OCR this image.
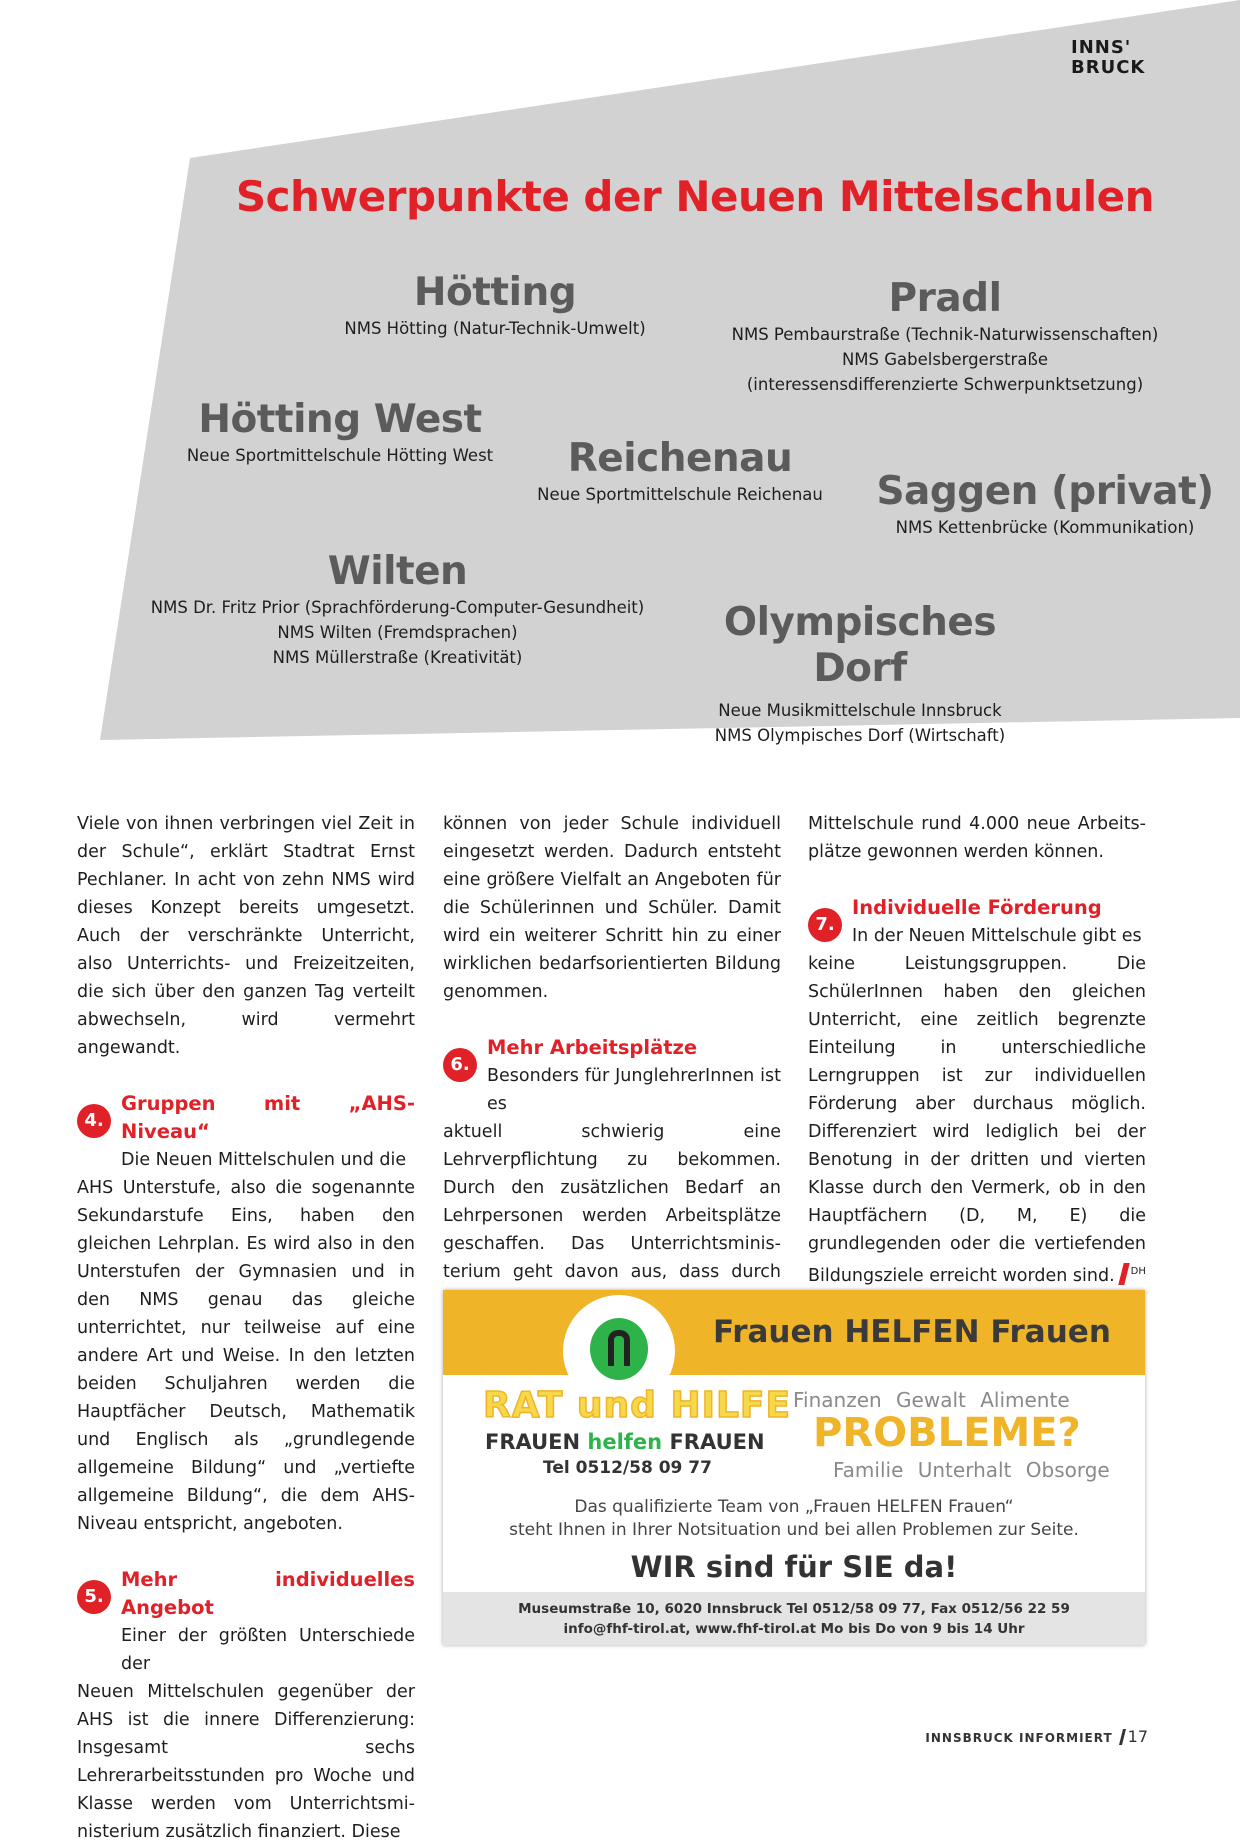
INNS'
BRUCK
Schwerpunkte der Neuen Mittelschulen
Hötting
NMS Hötting (Natur-Technik-Umwelt)
Pradl
NMS Pembaurstraße (Technik-Naturwissenschaften)
NMS Gabelsbergerstraße
(interessensdifferenzierte Schwerpunktsetzung)
Hötting West
Neue Sportmittelschule Hötting West	Reichenau
Neue Sportmittelschule Reichenau	Saggen (privat)
NMS Kettenbrücke (Kommunikation)
Wilten
NMS Dr. Fritz Prior (Sprachförderung-Computer-Gesundheit)
NMS Wilten (Fremdsprachen)
NMS Müllerstraße (Kreativität)
Olympisches Dorf
Neue Musikmittelschule Innsbruck
NMS Olympisches Dorf (Wirtschaft)

Viele von ihnen verbringen viel Zeit in der Schule“, erklärt Stadtrat Ernst Pechlaner. In acht von zehn NMS wird dieses Konzept bereits umgesetzt. Auch der verschränkte Unterricht, also Unterrichts- und Freizeitzeiten, die sich über den ganzen Tag verteilt abwechseln, wird vermehrt angewandt.

4.
Gruppen mit „AHS-Niveau“
Die Neuen Mittelschulen und die

AHS Unterstufe, also die sogenannte Sekundarstufe Eins, haben den gleichen Lehrplan. Es wird also in den Unterstufen der Gymnasien und in den NMS genau das gleiche unterrichtet, nur teilweise auf eine andere Art und Weise. In den letzten beiden Schuljahren werden die Hauptfächer Deutsch, Mathematik und Englisch als „grundlegende allgemeine Bildung“ und „vertiefte allgemeine Bildung“, die dem AHS-Niveau entspricht, angeboten.

5.
Mehr individuelles Angebot
Einer der größten Unterschiede der

Neuen Mittelschulen gegenüber der AHS ist die innere Differenzierung: Insgesamt sechs Lehrerarbeitsstunden pro Woche und Klasse werden vom Unterrichtsministerium zusätzlich finanziert. Diese

können von jeder Schule individuell eingesetzt werden. Dadurch entsteht eine größere Vielfalt an Angeboten für die Schülerinnen und Schüler. Damit wird ein weiterer Schritt hin zu einer wirklichen bedarfsorientierten Bildung genommen.

6.
Mehr Arbeitsplätze
Besonders für JunglehrerInnen ist es

aktuell schwierig eine Lehrverpflichtung zu bekommen. Durch den zusätzlichen Bedarf an Lehrpersonen werden Arbeitsplätze geschaffen. Das Unterrichtsministerium geht davon aus, dass durch

Mittelschule rund 4.000 neue Arbeitsplätze gewonnen werden können.

7.
Individuelle Förderung
In der Neuen Mittelschule gibt es

keine Leistungsgruppen. Die SchülerInnen haben den gleichen Unterricht, eine zeitlich begrenzte Einteilung in unterschiedliche Lerngruppen ist zur individuellen Förderung aber durchaus möglich. Differenziert wird lediglich bei der Benotung in der dritten und vierten Klasse durch den Vermerk, ob in den Hauptfächern (D, M, E) die grundlegenden oder die vertiefenden Bildungsziele erreicht worden sind. $^{DH}$

Frauen HELFEN Frauen
RAT und HILFE
FRAUEN helfen FRAUEN
Tel 0512/58 09 77
Finanzen Gewalt Alimente
PROBLEME?
Familie Unterhalt Obsorge
Das qualifizierte Team von „Frauen HELFEN Frauen“
steht Ihnen in Ihrer Notsituation und bei allen Problemen zur Seite.
WIR sind für SIE da!
Museumstraße 10, 6020 Innsbruck Tel 0512/58 09 77, Fax 0512/56 22 59
info@fhf-tirol.at, www.fhf-tirol.at Mo bis Do von 9 bis 14 Uhr
INNSBRUCK INFORMIERT 17
